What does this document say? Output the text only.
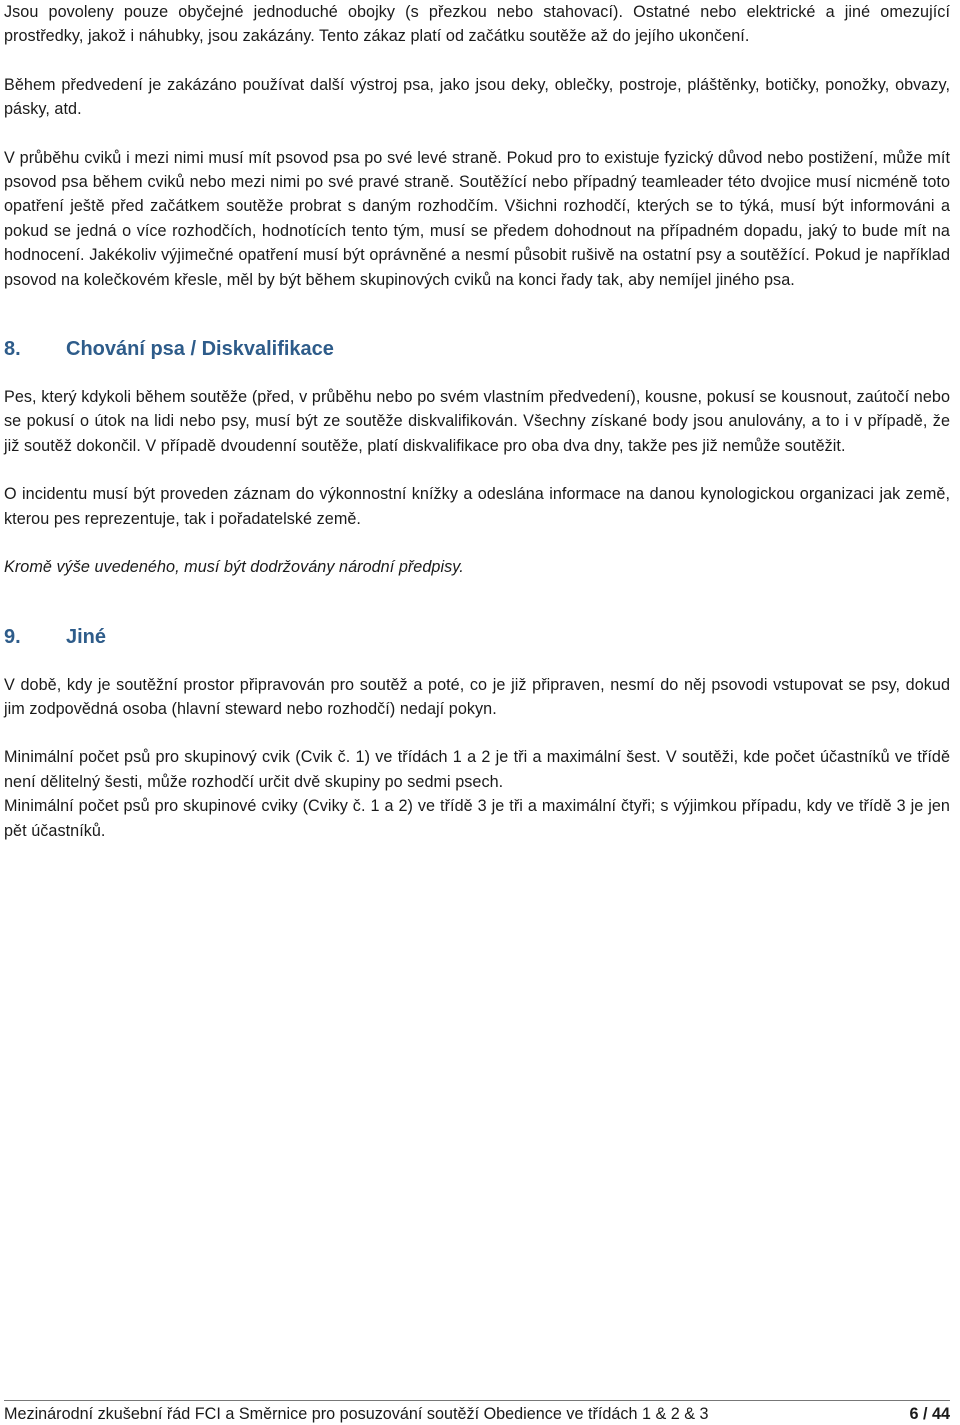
Jsou povoleny pouze obyčejné jednoduché obojky (s přezkou nebo stahovací). Ostatné nebo elektrické a jiné omezující prostředky, jakož i náhubky, jsou zakázány. Tento zákaz platí od začátku soutěže až do jejího ukončení.

Během předvedení je zakázáno používat další výstroj psa, jako jsou deky, oblečky, postroje, pláštěnky, botičky, ponožky, obvazy, pásky, atd.

V průběhu cviků i mezi nimi musí mít psovod psa po své levé straně. Pokud pro to existuje fyzický důvod nebo postižení, může mít psovod psa během cviků nebo mezi nimi po své pravé straně. Soutěžící nebo případný teamleader této dvojice musí nicméně toto opatření ještě před začátkem soutěže probrat s daným rozhodčím. Všichni rozhodčí, kterých se to týká, musí být informováni a pokud se jedná o více rozhodčích, hodnotících tento tým, musí se předem dohodnout na případném dopadu, jaký to bude mít na hodnocení. Jakékoliv výjimečné opatření musí být oprávněné a nesmí působit rušivě na ostatní psy a soutěžící. Pokud je například psovod na kolečkovém křesle, měl by být během skupinových cviků na konci řady tak, aby nemíjel jiného psa.

8.	Chování psa / Diskvalifikace

Pes, který kdykoli během soutěže (před, v průběhu nebo po svém vlastním předvedení), kousne, pokusí se kousnout, zaútočí nebo se pokusí o útok na lidi nebo psy, musí být ze soutěže diskvalifikován. Všechny získané body jsou anulovány, a to i v případě, že již soutěž dokončil. V případě dvoudenní soutěže, platí diskvalifikace pro oba dva dny, takže pes již nemůže soutěžit.

O incidentu musí být proveden záznam do výkonnostní knížky a odeslána informace na danou kynologickou organizaci jak země, kterou pes reprezentuje, tak i pořadatelské země.

Kromě výše uvedeného, musí být dodržovány národní předpisy.

9.	Jiné

V době, kdy je soutěžní prostor připravován pro soutěž a poté, co je již připraven, nesmí do něj psovodi vstupovat se psy, dokud jim zodpovědná osoba (hlavní steward nebo rozhodčí) nedají pokyn.

Minimální počet psů pro skupinový cvik (Cvik č. 1) ve třídách 1 a 2 je tři a maximální šest. V soutěži, kde počet účastníků ve třídě není dělitelný šesti, může rozhodčí určit dvě skupiny po sedmi psech.

Minimální počet psů pro skupinové cviky (Cviky č. 1 a 2) ve třídě 3 je tři a maximální čtyři; s výjimkou případu, kdy ve třídě 3 je jen pět účastníků.

Mezinárodní zkušební řád FCI a Směrnice pro posuzování soutěží Obedience ve třídách 1 & 2 & 3	6 / 44
